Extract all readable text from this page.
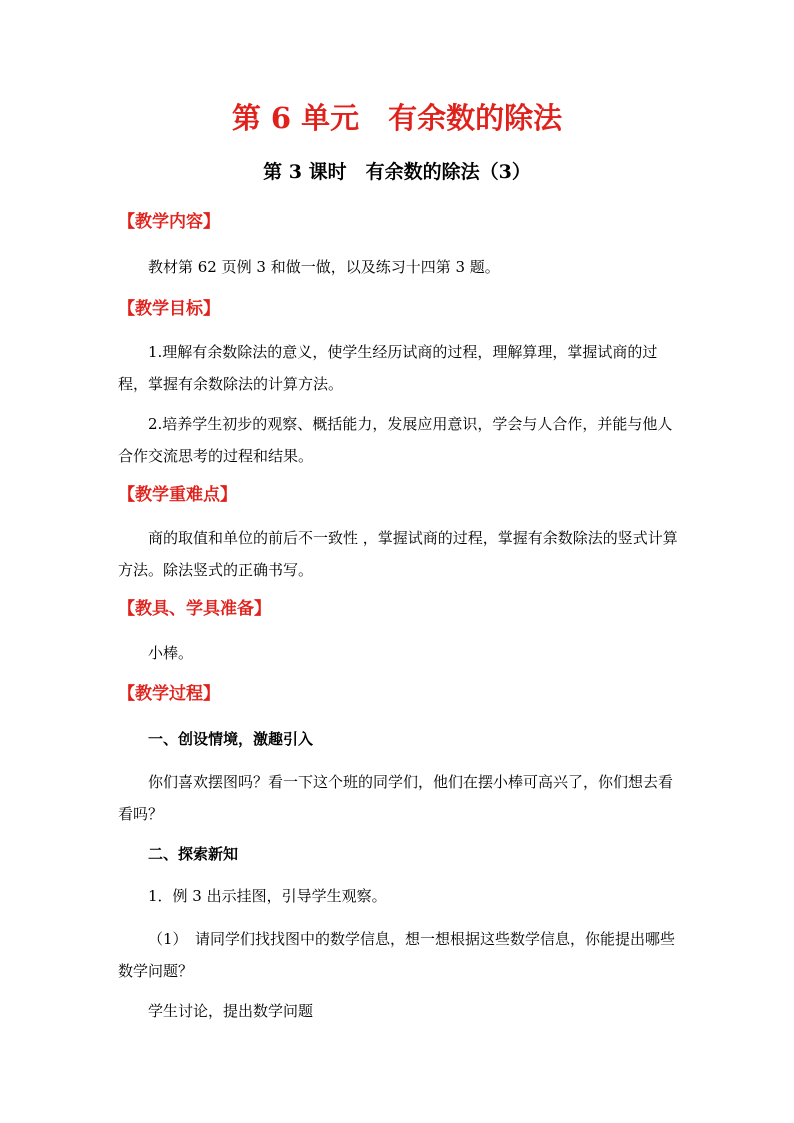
第 6 单元　有余数的除法
第 3 课时　有余数的除法（3）
【教学内容】
教材第 62 页例 3 和做一做，以及练习十四第 3 题。
【教学目标】
1.理解有余数除法的意义，使学生经历试商的过程，理解算理，掌握试商的过程，掌握有余数除法的计算方法。
2.培养学生初步的观察、概括能力，发展应用意识，学会与人合作，并能与他人合作交流思考的过程和结果。
【教学重难点】
商的取值和单位的前后不一致性 ，掌握试商的过程，掌握有余数除法的竖式计算方法。除法竖式的正确书写。
【教具、学具准备】
小棒。
【教学过程】
一、创设情境，激趣引入
你们喜欢摆图吗？看一下这个班的同学们，他们在摆小棒可高兴了，你们想去看看吗？
二、探索新知
1．例 3 出示挂图，引导学生观察。
（1）　请同学们找找图中的数学信息，想一想根据这些数学信息，你能提出哪些数学问题？
学生讨论，提出数学问题
